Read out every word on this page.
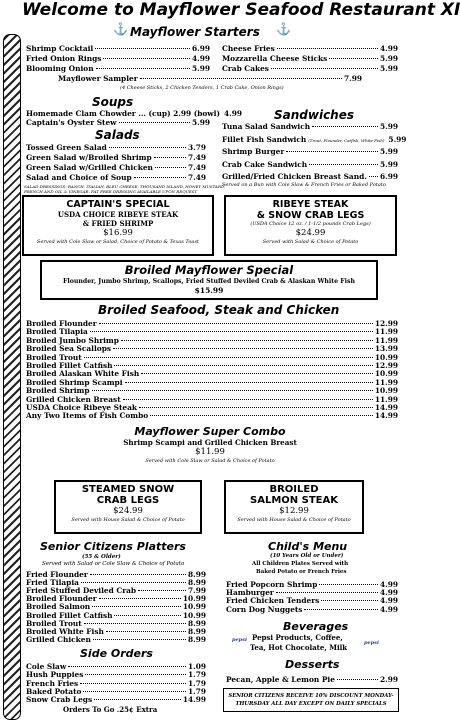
Welcome to Mayflower Seafood Restaurant XI
⚓ Mayflower Starters ⚓
Shrimp Cocktail	6.99
Fried Onion Rings	4.99
Blooming Onion	5.99
Cheese Fries	4.99
Mozzarella Cheese Sticks	5.99
Crab Cakes	5.99
Mayflower Sampler	7.99
(4 Cheese Sticks, 2 Chicken Tenders, 1 Crab Cake, Onion Rings)
Soups
Homemade Clam Chowder ... (cup) 2.99 (bowl) 4.99
Captain's Oyster Stew	5.99
Salads
Tossed Green Salad	3.79
Green Salad w/Broiled Shrimp	7.49
Green Salad w/Grilled Chicken	7.49
Salad and Choice of Soup	7.49
SALAD DRESSINGS: RANCH, ITALIAN, BLEU CHEESE, THOUSAND ISLAND, HONEY MUSTARD,
FRENCH AND OIL & VINEGAR. FAT FREE DRESSING AVAILABLE UPON REQUEST
Sandwiches
Tuna Salad Sandwich	5.99
Fillet Fish Sandwich (Trout, Flounder, Catfish, White Fish) 5.99
Shrimp Burger	5.99
Crab Cake Sandwich	5.99
Grilled/Fried Chicken Breast Sand. 6.99
Served on a Bun with Cole Slaw & French Fries or Baked Potato
CAPTAIN'S SPECIAL
USDA CHOICE RIBEYE STEAK
& FRIED SHRIMP
$16.99
Served with Cole Slaw or Salad, Choice of Potato & Texas Toast
RIBEYE STEAK
& SNOW CRAB LEGS
(USDA Choice 12 oz. / 1-1/2 pounds Crab Legs)
$24.99
Served with Salad & Choice of Potato
Broiled Mayflower Special
Flounder, Jumbo Shrimp, Scallops, Fried Stuffed Deviled Crab & Alaskan White Fish
$15.99
Broiled Seafood, Steak and Chicken
Broiled Flounder	12.99
Broiled Tilapia	11.99
Broiled Jumbo Shrimp	11.99
Broiled Sea Scallops	13.99
Broiled Trout	10.99
Broiled Fillet Catfish	12.99
Broiled Alaskan White Fish	10.99
Broiled Shrimp Scampi	11.99
Broiled Shrimp	10.99
Grilled Chicken Breast	11.99
USDA Choice Ribeye Steak	14.99
Any Two Items of Fish Combo	14.99
Mayflower Super Combo
Shrimp Scampi and Grilled Chicken Breast
$11.99
Served with Cole Slaw or Salad & Choice of Potato
STEAMED SNOW
CRAB LEGS
$24.99
Served with House Salad & Choice of Potato
BROILED
SALMON STEAK
$12.99
Served with House Salad & Choice of Potato
Senior Citizens Platters
(55 & Older)
Served with Salad or Cole Slaw & Choice of Potato
Fried Flounder	8.99
Fried Tilapia	8.99
Fried Stuffed Deviled Crab	7.99
Broiled Flounder	10.99
Broiled Salmon	10.99
Broiled Fillet Catfish	10.99
Broiled Trout	8.99
Broiled White Fish	8.99
Grilled Chicken	8.99
Child's Menu
(10 Years Old or Under)
All Children Plates Served with
Baked Potato or French Fries
Fried Popcorn Shrimp	4.99
Hamburger	4.99
Fried Chicken Tenders	4.99
Corn Dog Nuggets	4.99
Beverages
pepsi Pepsi Products, Coffee,
Tea, Hot Chocolate, Milk	pepsi
Side Orders
Cole Slaw	1.09
Hush Puppies	1.79
French Fries	1.79
Baked Potato	1.79
Snow Crab Legs	14.99
Orders To Go .25¢ Extra
Desserts
Pecan, Apple & Lemon Pie	2.99
SENIOR CITIZENS RECEIVE 10% DISCOUNT MONDAY-
THURSDAY ALL DAY EXCEPT ON DAILY SPECIALS
